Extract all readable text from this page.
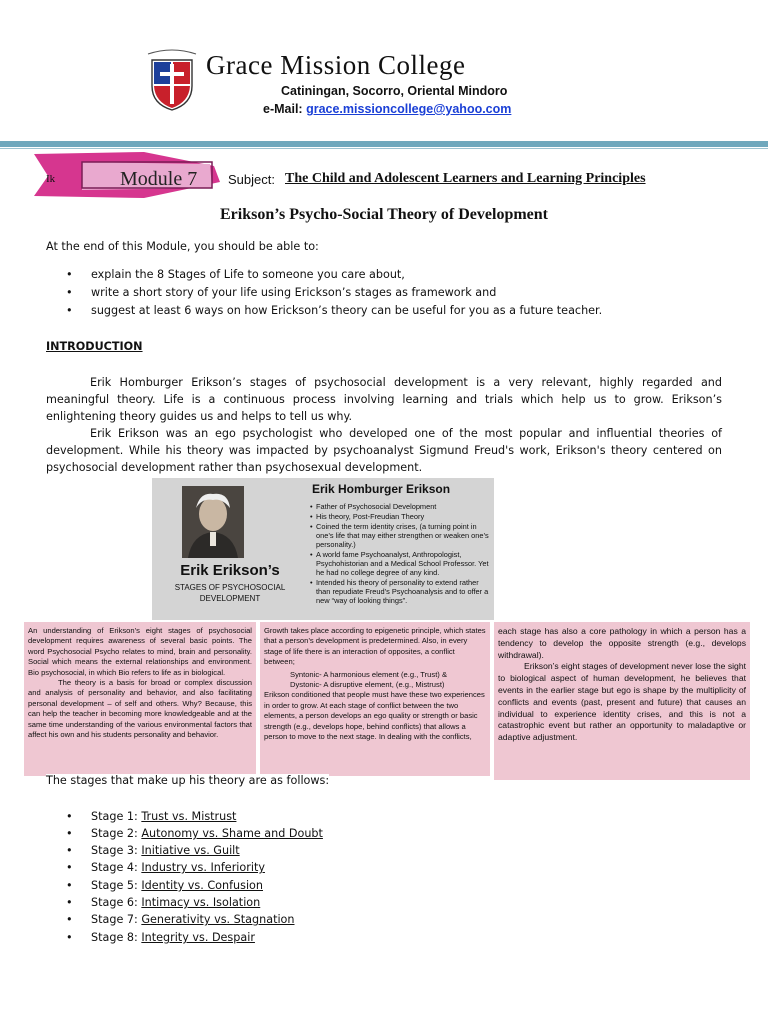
Grace Mission College
Catiningan, Socorro, Oriental Mindoro
e-Mail: grace.missioncollege@yahoo.com
Ik	Module 7 Subject: The Child and Adolescent Learners and Learning Principles
Erikson’s Psycho-Social Theory of Development
At the end of this Module, you should be able to:
• explain the 8 Stages of Life to someone you care about,
• write a short story of your life using Erickson’s stages as framework and
• suggest at least 6 ways on how Erickson’s theory can be useful for you as a future teacher.
INTRODUCTION
Erik Homburger Erikson’s stages of psychosocial development is a very relevant, highly regarded and meaningful theory. Life is a continuous process involving learning and trials which help us to grow. Erikson’s enlightening theory guides us and helps to tell us why.
Erik Erikson was an ego psychologist who developed one of the most popular and influential theories of development. While his theory was impacted by psychoanalyst Sigmund Freud's work, Erikson's theory centered on psychosocial development rather than psychosexual development.
Erik Erikson’s
STAGES OF PSYCHOSOCIAL DEVELOPMENT
Erik Homburger Erikson
• Father of Psychosocial Development
• His theory, Post-Freudian Theory
• Coined the term identity crises, (a turning point in one’s life that may either strengthen or weaken one’s personality.)
• A world fame Psychoanalyst, Anthropologist, Psychohistorian and a Medical School Professor. Yet he had no college degree of any kind.
• Intended his theory of personality to extend rather than repudiate Freud’s Psychoanalysis and to offer a new “way of looking things”.
An understanding of Erikson’s eight stages of psychosocial development requires awareness of several basic points. The word Psychosocial Psycho relates to mind, brain and personality. Social which means the external relationships and environment. Bio psychosocial, in which Bio refers to life as in biological.
The theory is a basis for broad or complex discussion and analysis of personality and behavior, and also facilitating personal development – of self and others. Why? Because, this can help the teacher in becoming more knowledgeable and at the same time understanding of the various environmental factors that affect his own and his students personality and behavior.
Growth takes place according to epigenetic principle, which states that a person’s development is predetermined. Also, in every stage of life there is an interaction of opposites, a conflict between;
Syntonic- A harmonious element (e.g., Trust) &
Dystonic- A disruptive element, (e.g., Mistrust)
Erikson conditioned that people must have these two experiences in order to grow. At each stage of conflict between the two elements, a person develops an ego quality or strength or basic strength (e.g., develops hope, behind conflicts) that allows a person to move to the next stage. In dealing with the conflicts,
each stage has also a core pathology in which a person has a tendency to develop the opposite strength (e.g., develops withdrawal).
Erikson’s eight stages of development never lose the sight to biological aspect of human development, he believes that events in the earlier stage but ego is shape by the multiplicity of conflicts and events (past, present and future) that causes an individual to experience identity crises, and this is not a catastrophic event but rather an opportunity to maladaptive or adaptive adjustment.
The stages that make up his theory are as follows:
• Stage 1: Trust vs. Mistrust
• Stage 2: Autonomy vs. Shame and Doubt
• Stage 3: Initiative vs. Guilt
• Stage 4: Industry vs. Inferiority
• Stage 5: Identity vs. Confusion
• Stage 6: Intimacy vs. Isolation
• Stage 7: Generativity vs. Stagnation
• Stage 8: Integrity vs. Despair
